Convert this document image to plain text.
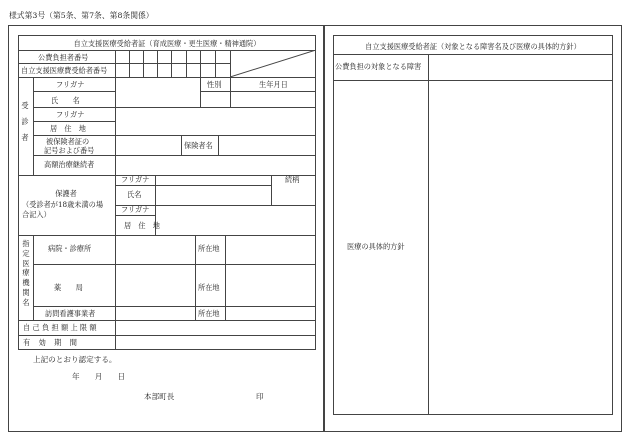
様式第3号（第5条、第7条、第8条関係）
自立支援医療受給者証（育成医療・更生医療・精神通院）
公費負担者番号
自立支援医療費受給者番号
受診者
フリガナ	性別	生年月日
氏　　名
フリガナ
居　住　地
被保険者証の
記号および番号
保険者名
高額治療継続者
保護者
（受診者が18歳未満の場
合記入）
フリガナ	続柄
氏名
フリガナ
居　住　地
指定医療機関名
病院・診療所	所在地
薬　　局	所在地
訪問看護事業者	所在地
自己負担額上限額
有　効　期　間
上記のとおり認定する。
年　　月　　日
本部町長	印
自立支援医療受給者証（対象となる障害名及び医療の具体的方針）
公費負担の対象となる障害
医療の具体的方針
